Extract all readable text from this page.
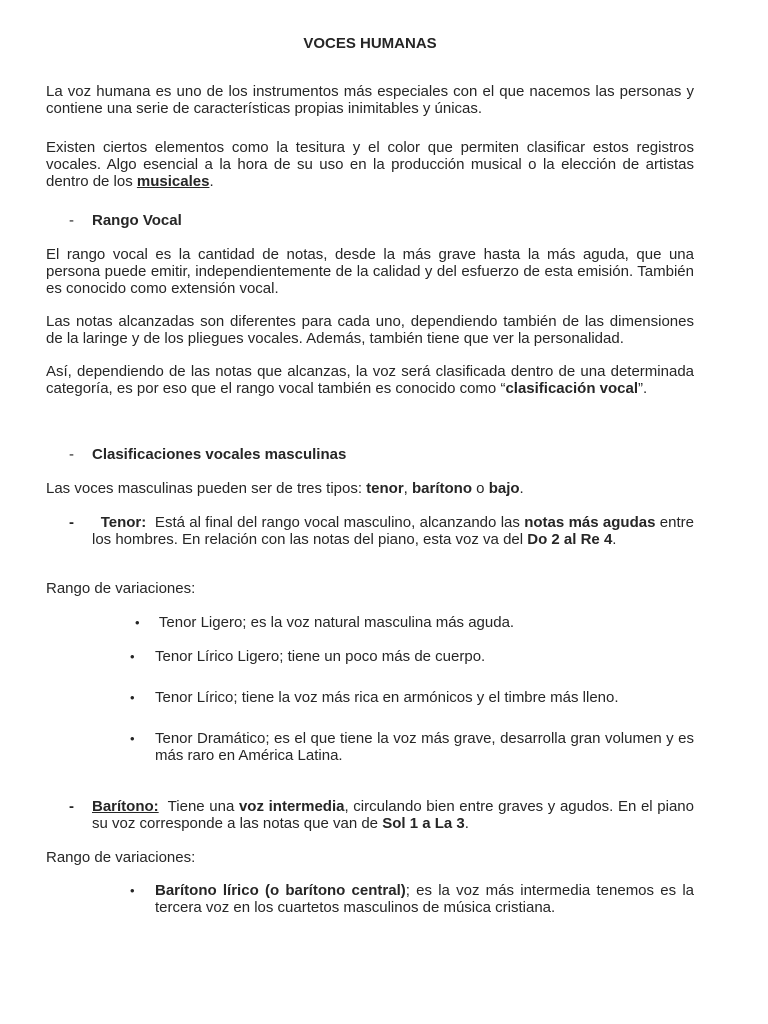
VOCES HUMANAS

La voz humana es uno de los instrumentos más especiales con el que nacemos las personas y contiene una serie de características propias inimitables y únicas.

Existen ciertos elementos como la tesitura y el color que permiten clasificar estos registros vocales. Algo esencial a la hora de su uso en la producción musical o la elección de artistas dentro de los musicales.

- Rango Vocal

El rango vocal es la cantidad de notas, desde la más grave hasta la más aguda, que una persona puede emitir, independientemente de la calidad y del esfuerzo de esta emisión. También es conocido como extensión vocal.

Las notas alcanzadas son diferentes para cada uno, dependiendo también de las dimensiones de la laringe y de los pliegues vocales. Además, también tiene que ver la personalidad.

Así, dependiendo de las notas que alcanzas, la voz será clasificada dentro de una determinada categoría, es por eso que el rango vocal también es conocido como “clasificación vocal”.

- Clasificaciones vocales masculinas

Las voces masculinas pueden ser de tres tipos: tenor, barítono o bajo.

-	Tenor:  Está al final del rango vocal masculino, alcanzando las notas más agudas entre los hombres. En relación con las notas del piano, esta voz va del Do 2 al Re 4.

Rango de variaciones:

• Tenor Ligero; es la voz natural masculina más aguda.
• Tenor Lírico Ligero; tiene un poco más de cuerpo.
• Tenor Lírico; tiene la voz más rica en armónicos y el timbre más lleno.
• Tenor Dramático; es el que tiene la voz más grave, desarrolla gran volumen y es más raro en América Latina.
- Barítono:  Tiene una voz intermedia, circulando bien entre graves y agudos. En el piano su voz corresponde a las notas que van de Sol 1 a La 3.

Rango de variaciones:

• Barítono lírico (o barítono central); es la voz más intermedia tenemos es la tercera voz en los cuartetos masculinos de música cristiana.
